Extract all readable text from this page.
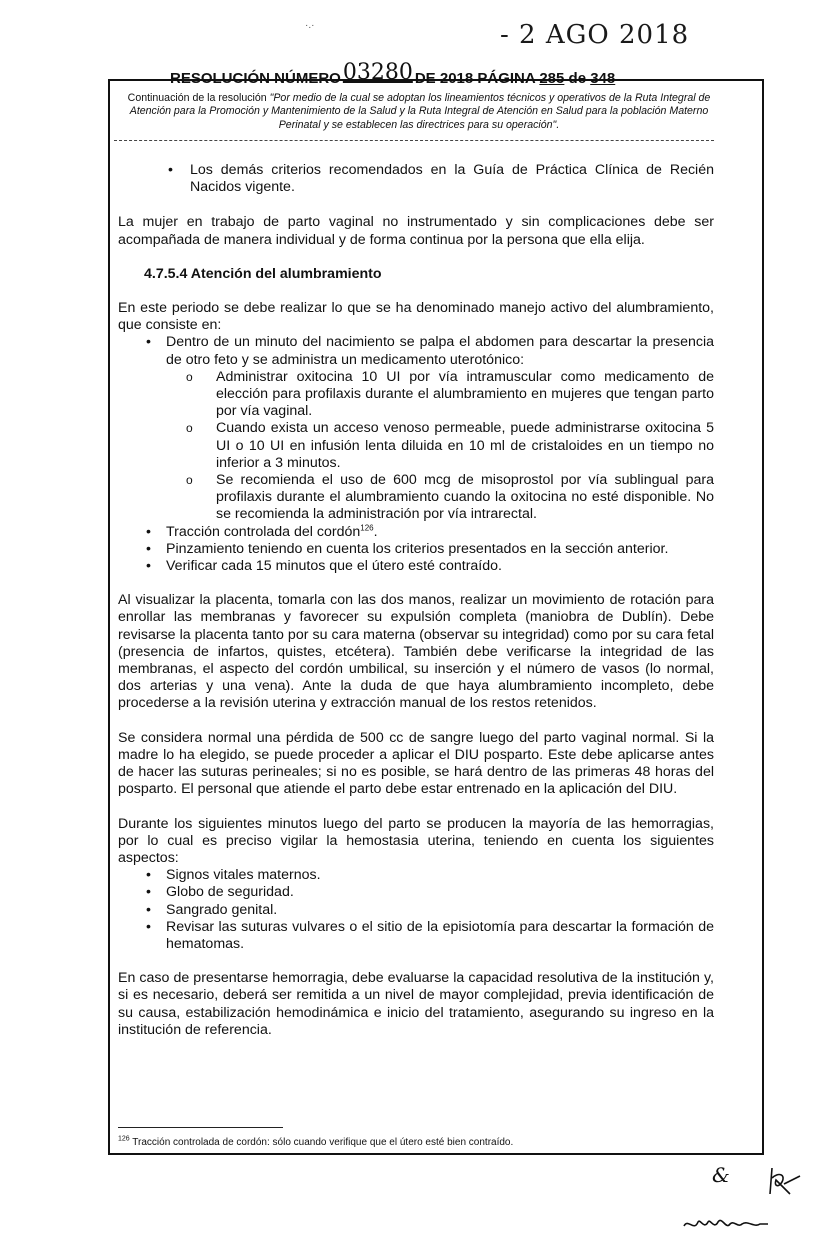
·.·	- 2 AGO 2018
RESOLUCIÓN NÚMERO03280 DE 2018 PÁGINA 285 de 348
Continuación de la resolución "Por medio de la cual se adoptan los lineamientos técnicos y operativos de la Ruta Integral de Atención para la Promoción y Mantenimiento de la Salud y la Ruta Integral de Atención en Salud para la población Materno Perinatal y se establecen las directrices para su operación".
• Los demás criterios recomendados en la Guía de Práctica Clínica de Recién Nacidos vigente.

La mujer en trabajo de parto vaginal no instrumentado y sin complicaciones debe ser acompañada de manera individual y de forma continua por la persona que ella elija.

4.7.5.4 Atención del alumbramiento

En este periodo se debe realizar lo que se ha denominado manejo activo del alumbramiento, que consiste en:

• Dentro de un minuto del nacimiento se palpa el abdomen para descartar la presencia de otro feto y se administra un medicamento uterotónico:
o Administrar oxitocina 10 UI por vía intramuscular como medicamento de elección para profilaxis durante el alumbramiento en mujeres que tengan parto por vía vaginal.
o Cuando exista un acceso venoso permeable, puede administrarse oxitocina 5 UI o 10 UI en infusión lenta diluida en 10 ml de cristaloides en un tiempo no inferior a 3 minutos.
o Se recomienda el uso de 600 mcg de misoprostol por vía sublingual para profilaxis durante el alumbramiento cuando la oxitocina no esté disponible. No se recomienda la administración por vía intrarectal.
• Tracción controlada del cordón$^{126}$.
• Pinzamiento teniendo en cuenta los criterios presentados en la sección anterior.
• Verificar cada 15 minutos que el útero esté contraído.

Al visualizar la placenta, tomarla con las dos manos, realizar un movimiento de rotación para enrollar las membranas y favorecer su expulsión completa (maniobra de Dublín). Debe revisarse la placenta tanto por su cara materna (observar su integridad) como por su cara fetal (presencia de infartos, quistes, etcétera). También debe verificarse la integridad de las membranas, el aspecto del cordón umbilical, su inserción y el número de vasos (lo normal, dos arterias y una vena). Ante la duda de que haya alumbramiento incompleto, debe procederse a la revisión uterina y extracción manual de los restos retenidos.

Se considera normal una pérdida de 500 cc de sangre luego del parto vaginal normal. Si la madre lo ha elegido, se puede proceder a aplicar el DIU posparto. Este debe aplicarse antes de hacer las suturas perineales; si no es posible, se hará dentro de las primeras 48 horas del posparto. El personal que atiende el parto debe estar entrenado en la aplicación del DIU.

Durante los siguientes minutos luego del parto se producen la mayoría de las hemorragias, por lo cual es preciso vigilar la hemostasia uterina, teniendo en cuenta los siguientes aspectos:

• Signos vitales maternos.
• Globo de seguridad.
• Sangrado genital.
• Revisar las suturas vulvares o el sitio de la episiotomía para descartar la formación de hematomas.

En caso de presentarse hemorragia, debe evaluarse la capacidad resolutiva de la institución y, si es necesario, deberá ser remitida a un nivel de mayor complejidad, previa identificación de su causa, estabilización hemodinámica e inicio del tratamiento, asegurando su ingreso en la institución de referencia.

$^{126}$ Tracción controlada de cordón: sólo cuando verifique que el útero esté bien contraído.
&
